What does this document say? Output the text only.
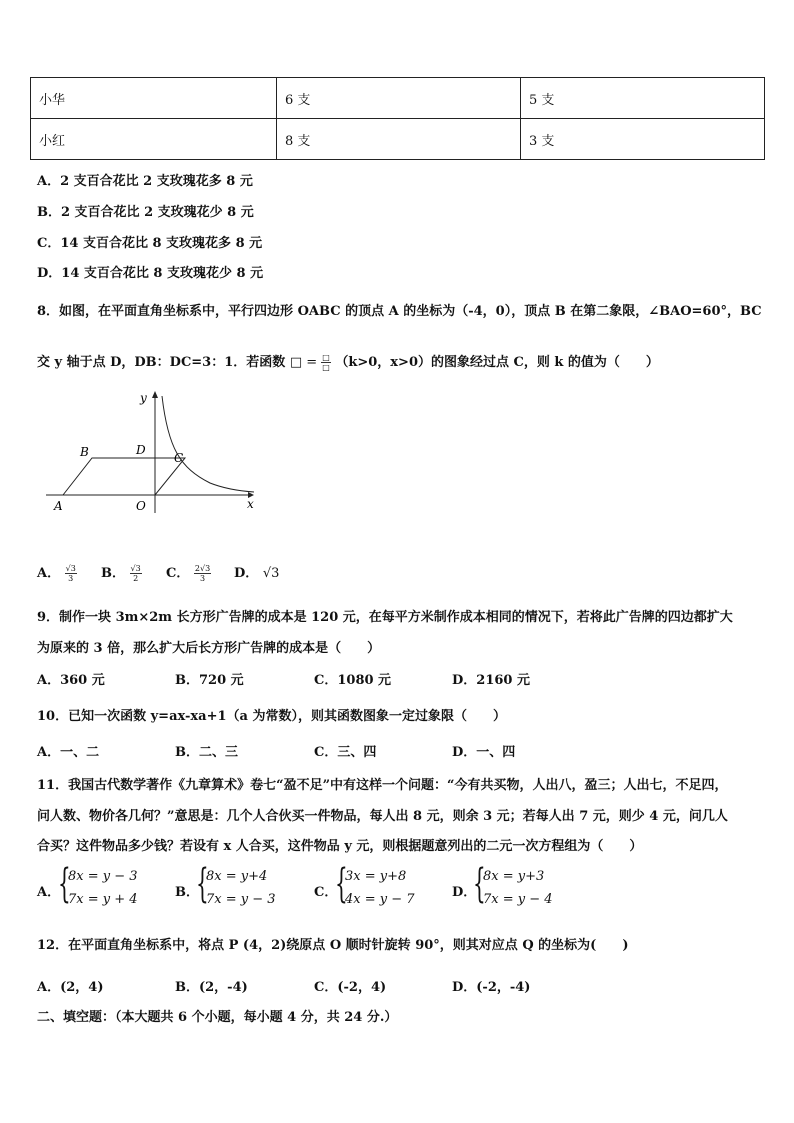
小华	6 支	5 支
小红	8 支	3 支
A．2 支百合花比 2 支玫瑰花多 8 元
B．2 支百合花比 2 支玫瑰花少 8 元
C．14 支百合花比 8 支玫瑰花多 8 元
D．14 支百合花比 8 支玫瑰花少 8 元
8．如图，在平面直角坐标系中，平行四边形 OABC 的顶点 A 的坐标为（-4，0），顶点 B 在第二象限，∠BAO=60°，BC
交 y 轴于点 D，DB：DC=3：1．若函数 □ = $\frac{□}{□} (k>0$，x>0）的图象经过点 C，则 k 的值为（　　）
y
x
B	D
C
A	O
A． $\frac{√3}{3}$ B． $\frac{√3}{2}$ C． $\frac{2√3}{3}$ D． √3
9．制作一块 3m×2m 长方形广告牌的成本是 120 元，在每平方米制作成本相同的情况下，若将此广告牌的四边都扩大
为原来的 3 倍，那么扩大后长方形广告牌的成本是（　　）
A．360 元	B．720 元	C．1080 元	D．2160 元
10．已知一次函数 y=ax-xa+1（a 为常数），则其函数图象一定过象限（　　）
A．一、二	B．二、三	C．三、四	D．一、四
11．我国古代数学著作《九章算术》卷七“盈不足”中有这样一个问题：“今有共买物，人出八，盈三；人出七，不足四，
问人数、物价各几何？”意思是：几个人合伙买一件物品，每人出 8 元，则余 3 元；若每人出 7 元，则少 4 元，问几人
合买？这件物品多少钱？若设有 x 人合买，这件物品 y 元，则根据题意列出的二元一次方程组为（　　）
A．
{
8x = y − 3
7x = y + 4	B．
{
8x = y+4
7x = y − 3	C．
{
3x = y+8
4x = y − 7	D．
{
8x = y+3
7x = y − 4
12．在平面直角坐标系中，将点 P (4，2)绕原点 O 顺时针旋转 90°，则其对应点 Q 的坐标为(　　)
A．(2，4)	B．(2，-4)	C．(-2，4)	D．(-2，-4)
二、填空题：（本大题共 6 个小题，每小题 4 分，共 24 分.）
